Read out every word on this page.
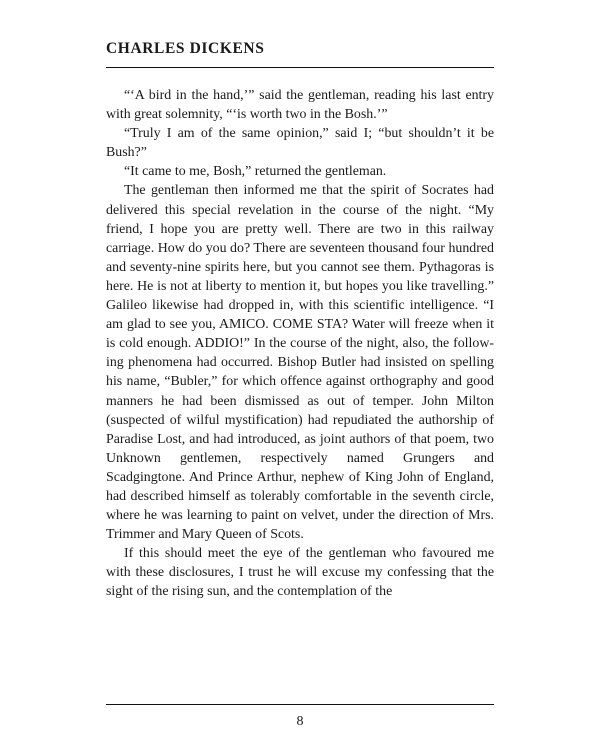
CHARLES DICKENS

“‘A bird in the hand,’” said the gentleman, reading his last entry with great solemnity, “‘is worth two in the Bosh.’”

“Truly I am of the same opinion,” said I; “but shouldn’t it be Bush?”

“It came to me, Bosh,” returned the gentleman.

The gentleman then informed me that the spirit of Socrates had delivered this special revelation in the course of the night. “My friend, I hope you are pretty well. There are two in this railway carriage. How do you do? There are seventeen thousand four hundred and seventy-nine spirits here, but you cannot see them. Pythagoras is here. He is not at liberty to mention it, but hopes you like travelling.” Galileo likewise had dropped in, with this scientific intelligence. “I am glad to see you, AMICO. COME STA? Water will freeze when it is cold enough. ADDIO!” In the course of the night, also, the following phenomena had occurred. Bishop Butler had insisted on spelling his name, “Bubler,” for which offence against orthography and good manners he had been dismissed as out of temper. John Milton (suspected of wilful mystification) had repudiated the authorship of Paradise Lost, and had introduced, as joint authors of that poem, two Unknown gentlemen, respectively named Grungers and Scadgingtone. And Prince Arthur, nephew of King John of England, had described himself as tolerably comfortable in the seventh circle, where he was learning to paint on velvet, under the direction of Mrs. Trimmer and Mary Queen of Scots.

If this should meet the eye of the gentleman who favoured me with these disclosures, I trust he will excuse my confessing that the sight of the rising sun, and the contemplation of the

8
